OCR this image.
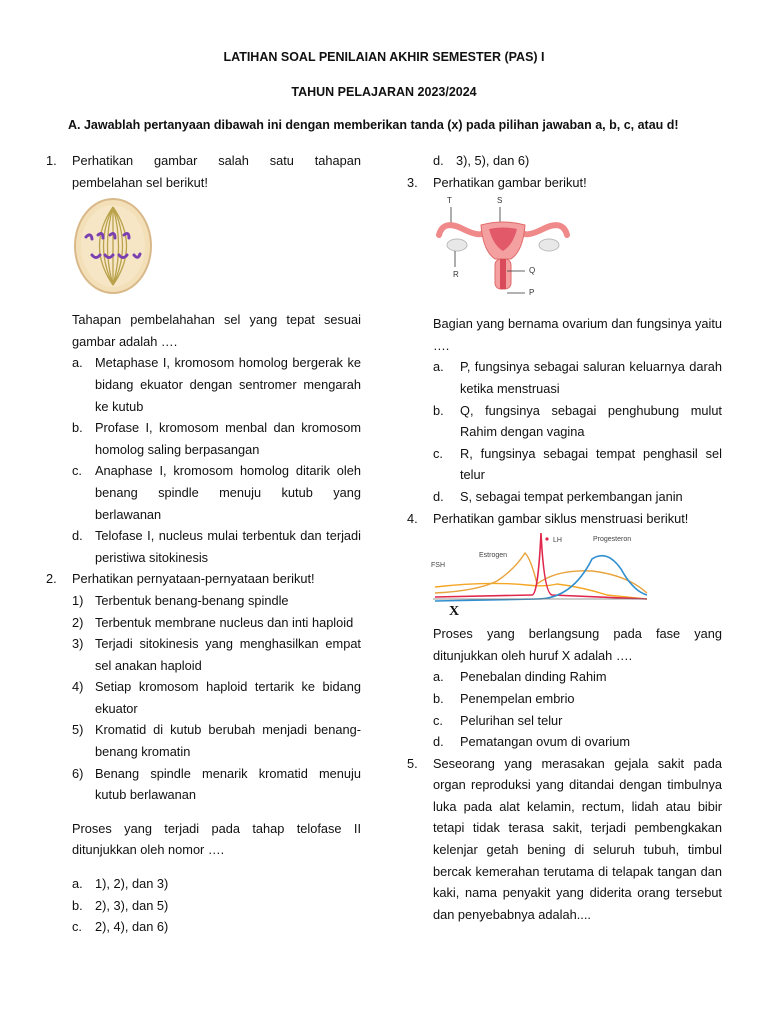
LATIHAN SOAL PENILAIAN AKHIR SEMESTER (PAS) I
TAHUN PELAJARAN 2023/2024
A. Jawablah pertanyaan dibawah ini dengan memberikan tanda (x) pada pilihan jawaban a, b, c, atau d!
1. Perhatikan gambar salah satu tahapan pembelahan sel berikut!

Tahapan pembelahahan sel yang tepat sesuai gambar adalah ….

a. Metaphase I, kromosom homolog bergerak ke bidang ekuator dengan sentromer mengarah ke kutub
b. Profase I, kromosom menbal dan kromosom homolog saling berpasangan
c. Anaphase I, kromosom homolog ditarik oleh benang spindle menuju kutub yang berlawanan
d. Telofase I, nucleus mulai terbentuk dan terjadi peristiwa sitokinesis
2. Perhatikan pernyataan-pernyataan berikut!

1) Terbentuk benang-benang spindle
2) Terbentuk membrane nucleus dan inti haploid
3) Terjadi sitokinesis yang menghasilkan empat sel anakan haploid
4) Setiap kromosom haploid tertarik ke bidang ekuator
5) Kromatid di kutub berubah menjadi benang-benang kromatin
6) Benang spindle menarik kromatid menuju kutub berlawanan

Proses yang terjadi pada tahap telofase II ditunjukkan oleh nomor ….

a. 1), 2), dan 3)
b. 2), 3), dan 5)
c. 2), 4), dan 6)
d. 3), 5), dan 6)
3. Perhatikan gambar berikut!

T	S
R	Q
P

Bagian yang bernama ovarium dan fungsinya yaitu ….

a. P, fungsinya sebagai saluran keluarnya darah ketika menstruasi
b. Q, fungsinya sebagai penghubung mulut Rahim dengan vagina
c. R, fungsinya sebagai tempat penghasil sel telur
d. S, sebagai tempat perkembangan janin
4. Perhatikan gambar siklus menstruasi berikut!

FSH
Estrogen
LH	Progesteron
X

Proses yang berlangsung pada fase yang ditunjukkan oleh huruf X adalah ….

a. Penebalan dinding Rahim
b. Penempelan embrio
c. Pelurihan sel telur
d. Pematangan ovum di ovarium
5. Seseorang yang merasakan gejala sakit pada organ reproduksi yang ditandai dengan timbulnya luka pada alat kelamin, rectum, lidah atau bibir tetapi tidak terasa sakit, terjadi pembengkakan kelenjar getah bening di seluruh tubuh, timbul bercak kemerahan terutama di telapak tangan dan kaki, nama penyakit yang diderita orang tersebut dan penyebabnya adalah....
